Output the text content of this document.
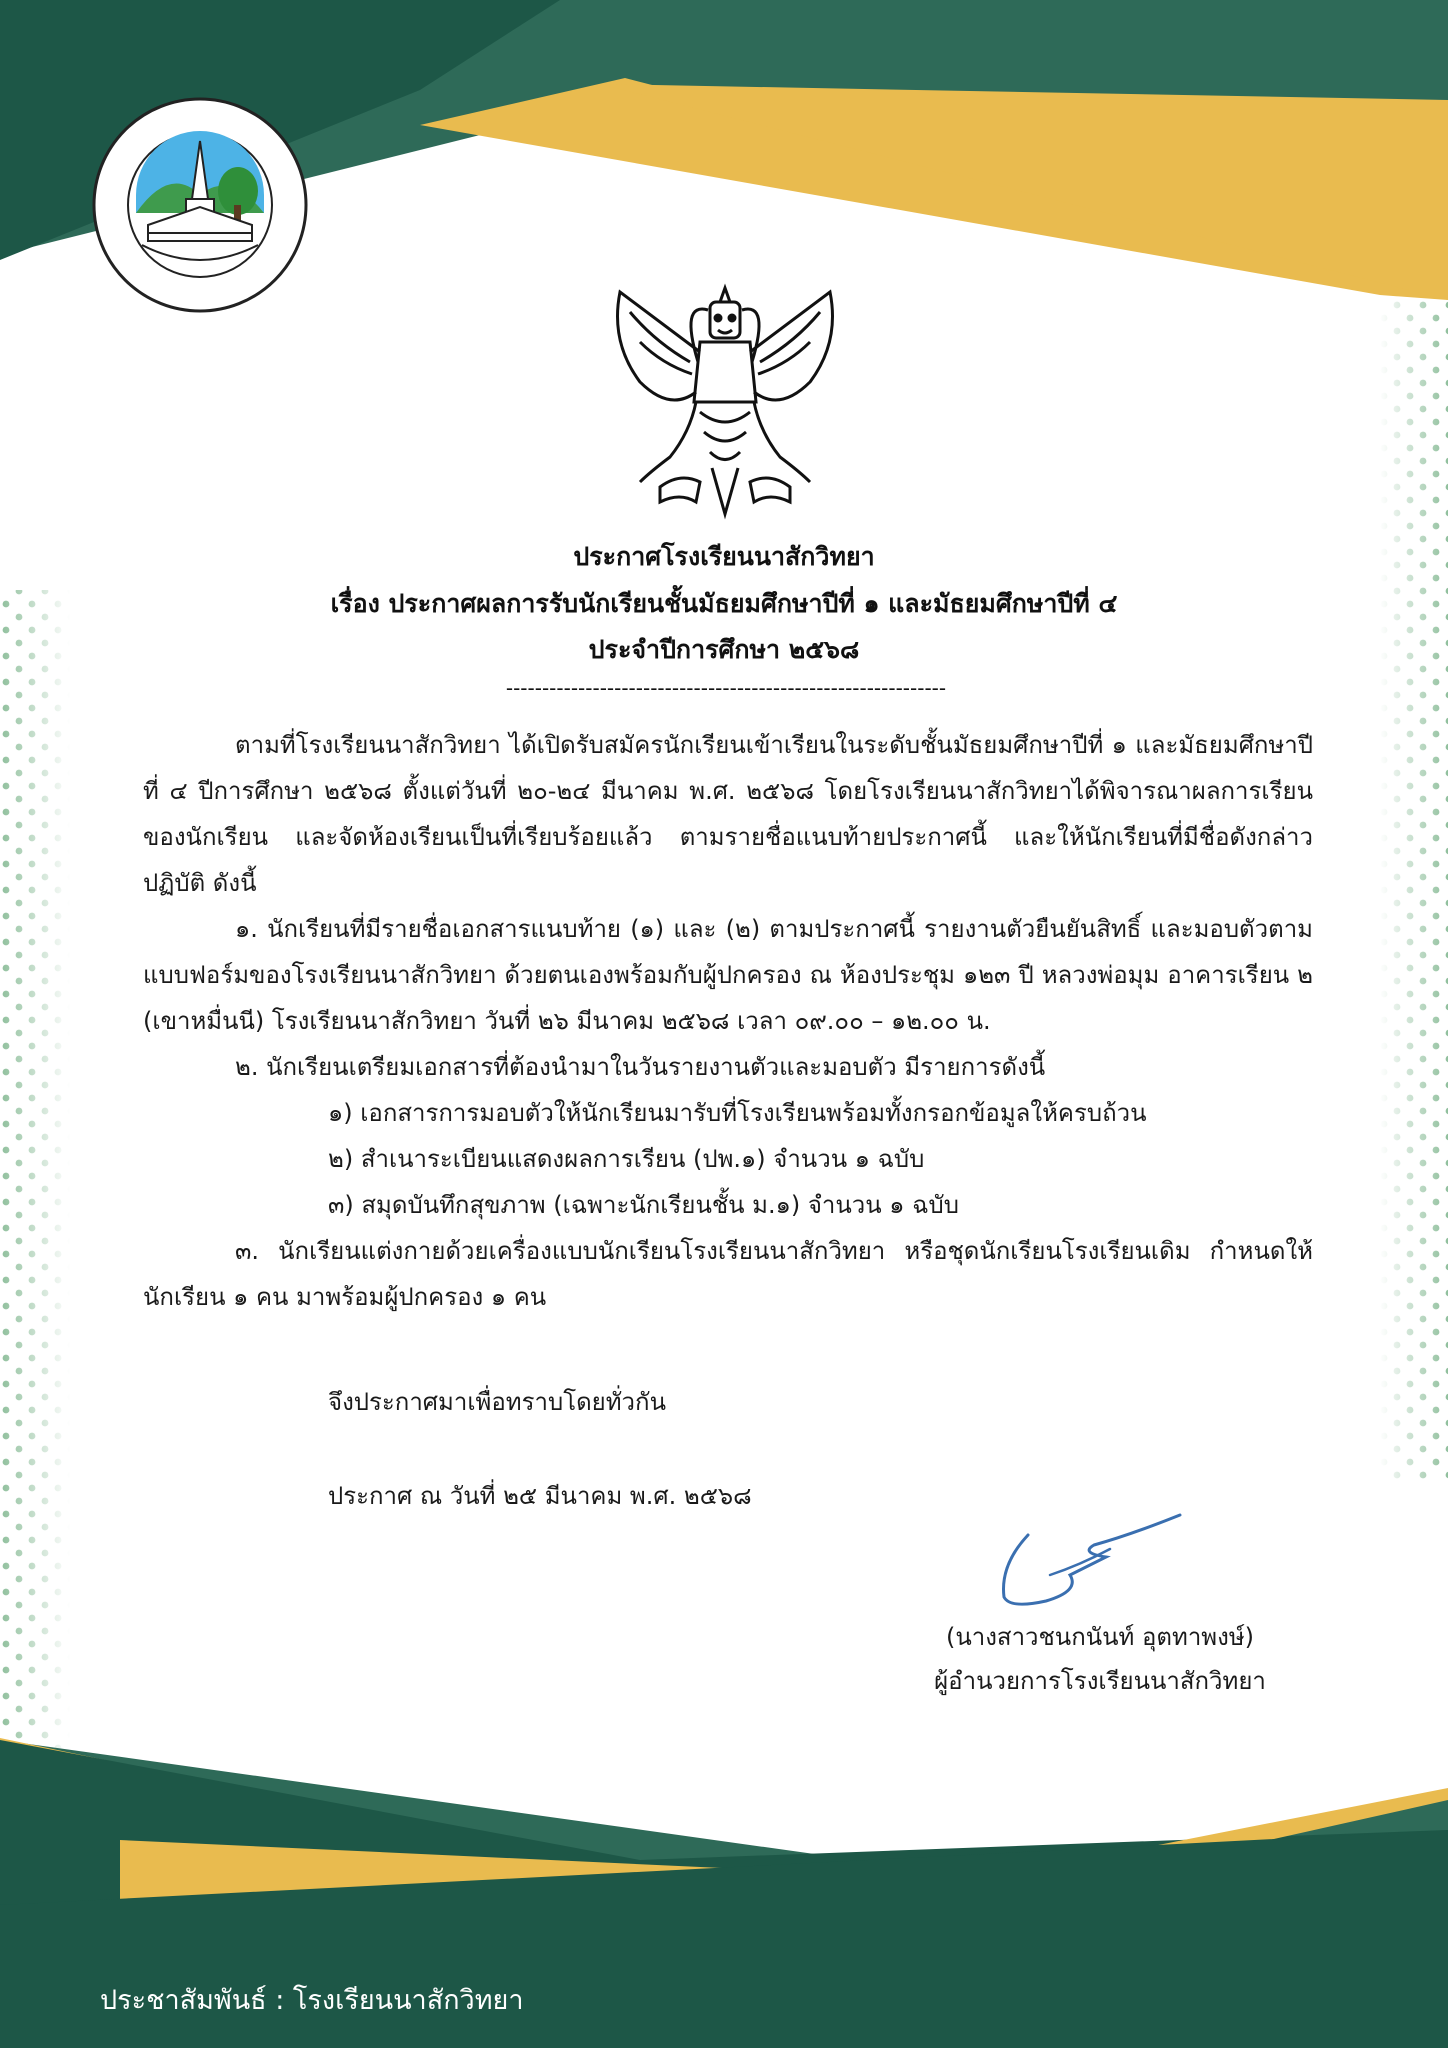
ประกาศโรงเรียนนาสักวิทยา
เรื่อง ประกาศผลการรับนักเรียนชั้นมัธยมศึกษาปีที่ ๑ และมัธยมศึกษาปีที่ ๔
ประจำปีการศึกษา ๒๕๖๘
-------------------------------------------------------------

ตามที่โรงเรียนนาสักวิทยา ได้เปิดรับสมัครนักเรียนเข้าเรียนในระดับชั้นมัธยมศึกษาปีที่ ๑ และมัธยมศึกษาปีที่ ๔ ปีการศึกษา ๒๕๖๘ ตั้งแต่วันที่ ๒๐-๒๔ มีนาคม พ.ศ. ๒๕๖๘ โดยโรงเรียนนาสักวิทยาได้พิจารณาผลการเรียนของนักเรียน และจัดห้องเรียนเป็นที่เรียบร้อยแล้ว ตามรายชื่อแนบท้ายประกาศนี้ และให้นักเรียนที่มีชื่อดังกล่าวปฏิบัติ ดังนี้

๑. นักเรียนที่มีรายชื่อเอกสารแนบท้าย (๑) และ (๒) ตามประกาศนี้ รายงานตัวยืนยันสิทธิ์ และมอบตัวตามแบบฟอร์มของโรงเรียนนาสักวิทยา ด้วยตนเองพร้อมกับผู้ปกครอง ณ ห้องประชุม ๑๒๓ ปี หลวงพ่อมุม อาคารเรียน ๒ (เขาหมื่นนี) โรงเรียนนาสักวิทยา วันที่ ๒๖ มีนาคม ๒๕๖๘ เวลา ๐๙.๐๐ – ๑๒.๐๐ น.

๒. นักเรียนเตรียมเอกสารที่ต้องนำมาในวันรายงานตัวและมอบตัว มีรายการดังนี้

๑) เอกสารการมอบตัวให้นักเรียนมารับที่โรงเรียนพร้อมทั้งกรอกข้อมูลให้ครบถ้วน

๒) สำเนาระเบียนแสดงผลการเรียน (ปพ.๑) จำนวน ๑ ฉบับ

๓) สมุดบันทึกสุขภาพ (เฉพาะนักเรียนชั้น ม.๑) จำนวน ๑ ฉบับ

๓. นักเรียนแต่งกายด้วยเครื่องแบบนักเรียนโรงเรียนนาสักวิทยา หรือชุดนักเรียนโรงเรียนเดิม กำหนดให้นักเรียน ๑ คน มาพร้อมผู้ปกครอง ๑ คน

จึงประกาศมาเพื่อทราบโดยทั่วกัน
ประกาศ ณ วันที่ ๒๕ มีนาคม พ.ศ. ๒๕๖๘
(นางสาวชนกนันท์ อุตทาพงษ์)
ผู้อำนวยการโรงเรียนนาสักวิทยา
ประชาสัมพันธ์ : โรงเรียนนาสักวิทยา
